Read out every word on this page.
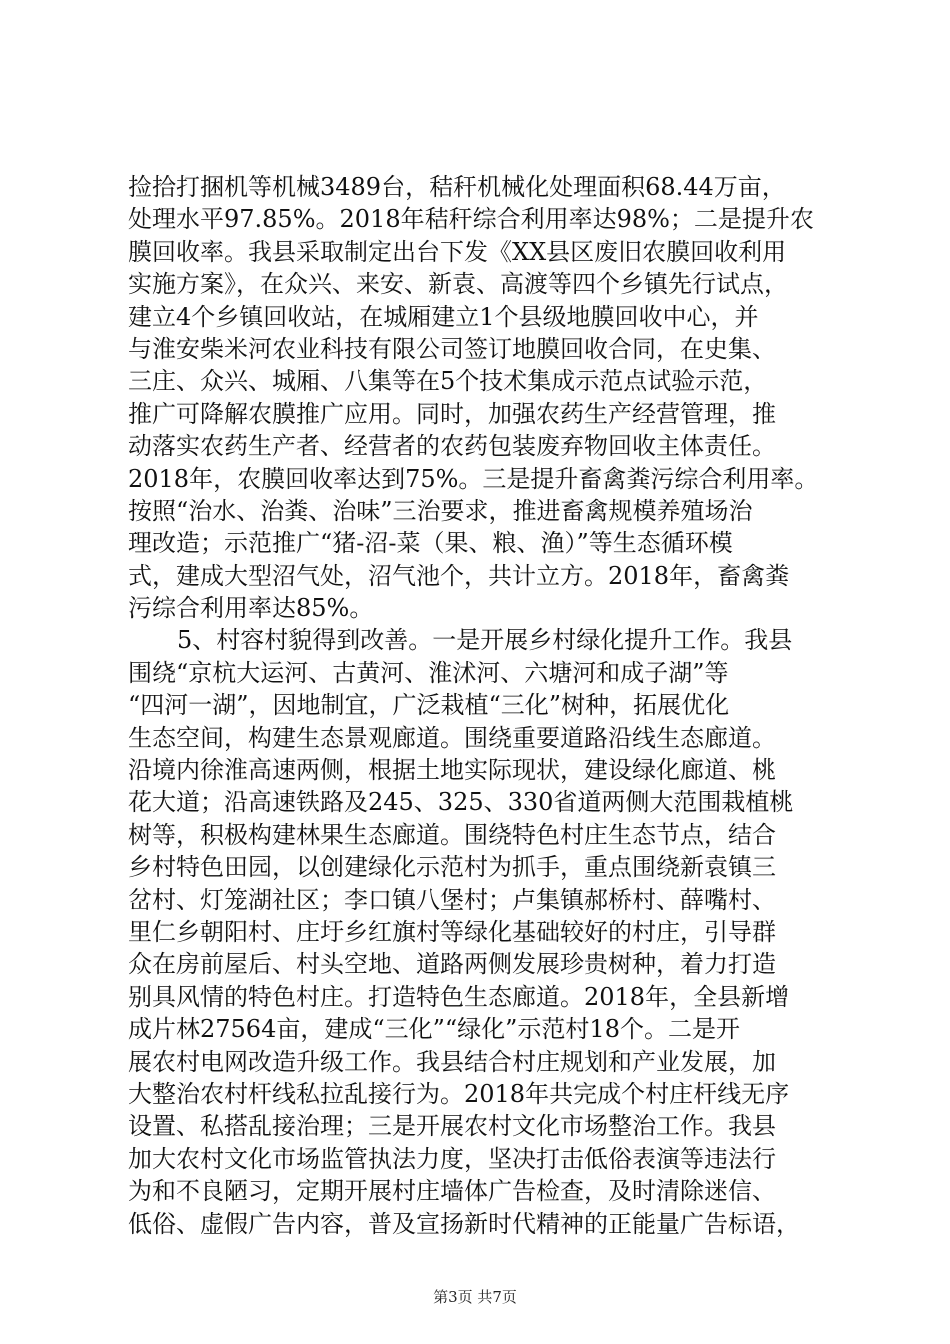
捡拾打捆机等机械3489台，秸秆机械化处理面积68.44万亩，
处理水平97.85%。2018年秸秆综合利用率达98%；二是提升农
膜回收率。我县采取制定出台下发《XX县区废旧农膜回收利用
实施方案》，在众兴、来安、新袁、高渡等四个乡镇先行试点，
建立4个乡镇回收站，在城厢建立1个县级地膜回收中心，并
与淮安柴米河农业科技有限公司签订地膜回收合同，在史集、
三庄、众兴、城厢、八集等在5个技术集成示范点试验示范，
推广可降解农膜推广应用。同时，加强农药生产经营管理，推
动落实农药生产者、经营者的农药包装废弃物回收主体责任。
2018年，农膜回收率达到75%。三是提升畜禽粪污综合利用率。
按照“治水、治粪、治味”三治要求，推进畜禽规模养殖场治
理改造；示范推广“猪-沼-菜（果、粮、渔）”等生态循环模
式，建成大型沼气处，沼气池个，共计立方。2018年，畜禽粪
污综合利用率达85%。
5、村容村貌得到改善。一是开展乡村绿化提升工作。我县
围绕“京杭大运河、古黄河、淮沭河、六塘河和成子湖”等
“四河一湖”，因地制宜，广泛栽植“三化”树种，拓展优化
生态空间，构建生态景观廊道。围绕重要道路沿线生态廊道。
沿境内徐淮高速两侧，根据土地实际现状，建设绿化廊道、桃
花大道；沿高速铁路及245、325、330省道两侧大范围栽植桃
树等，积极构建林果生态廊道。围绕特色村庄生态节点，结合
乡村特色田园，以创建绿化示范村为抓手，重点围绕新袁镇三
岔村、灯笼湖社区；李口镇八堡村；卢集镇郝桥村、薛嘴村、
里仁乡朝阳村、庄圩乡红旗村等绿化基础较好的村庄，引导群
众在房前屋后、村头空地、道路两侧发展珍贵树种，着力打造
别具风情的特色村庄。打造特色生态廊道。2018年，全县新增
成片林27564亩，建成“三化”“绿化”示范村18个。二是开
展农村电网改造升级工作。我县结合村庄规划和产业发展，加
大整治农村杆线私拉乱接行为。2018年共完成个村庄杆线无序
设置、私搭乱接治理；三是开展农村文化市场整治工作。我县
加大农村文化市场监管执法力度，坚决打击低俗表演等违法行
为和不良陋习，定期开展村庄墙体广告检查，及时清除迷信、
低俗、虚假广告内容，普及宣扬新时代精神的正能量广告标语，
第3页 共7页
